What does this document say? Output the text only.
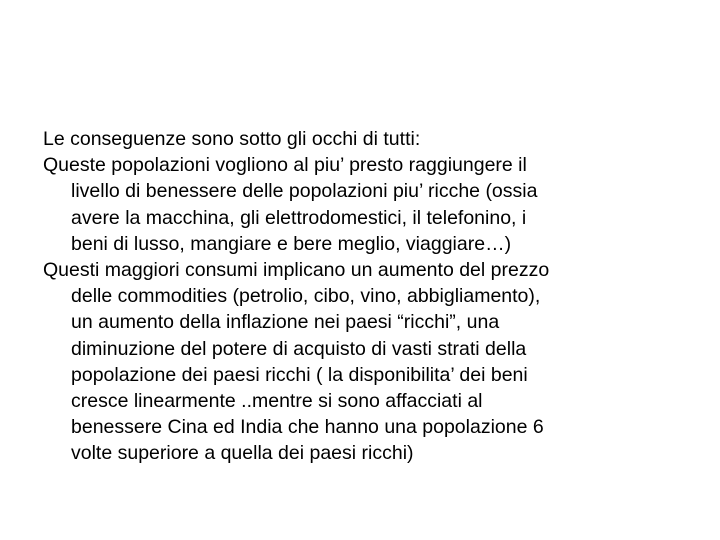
Le conseguenze sono sotto gli occhi di tutti:

Queste popolazioni vogliono al piu’ presto raggiungere il
livello di benessere delle popolazioni piu’ ricche (ossia
avere la macchina, gli elettrodomestici, il telefonino, i
beni di lusso, mangiare e bere meglio, viaggiare…)

Questi maggiori consumi implicano un aumento del prezzo
delle commodities (petrolio, cibo, vino, abbigliamento),
un aumento della inflazione nei paesi “ricchi”, una
diminuzione del potere di acquisto di vasti strati della
popolazione dei paesi ricchi ( la disponibilita’ dei beni
cresce linearmente ..mentre si sono affacciati al
benessere Cina ed India che hanno una popolazione 6
volte superiore a quella dei paesi ricchi)
